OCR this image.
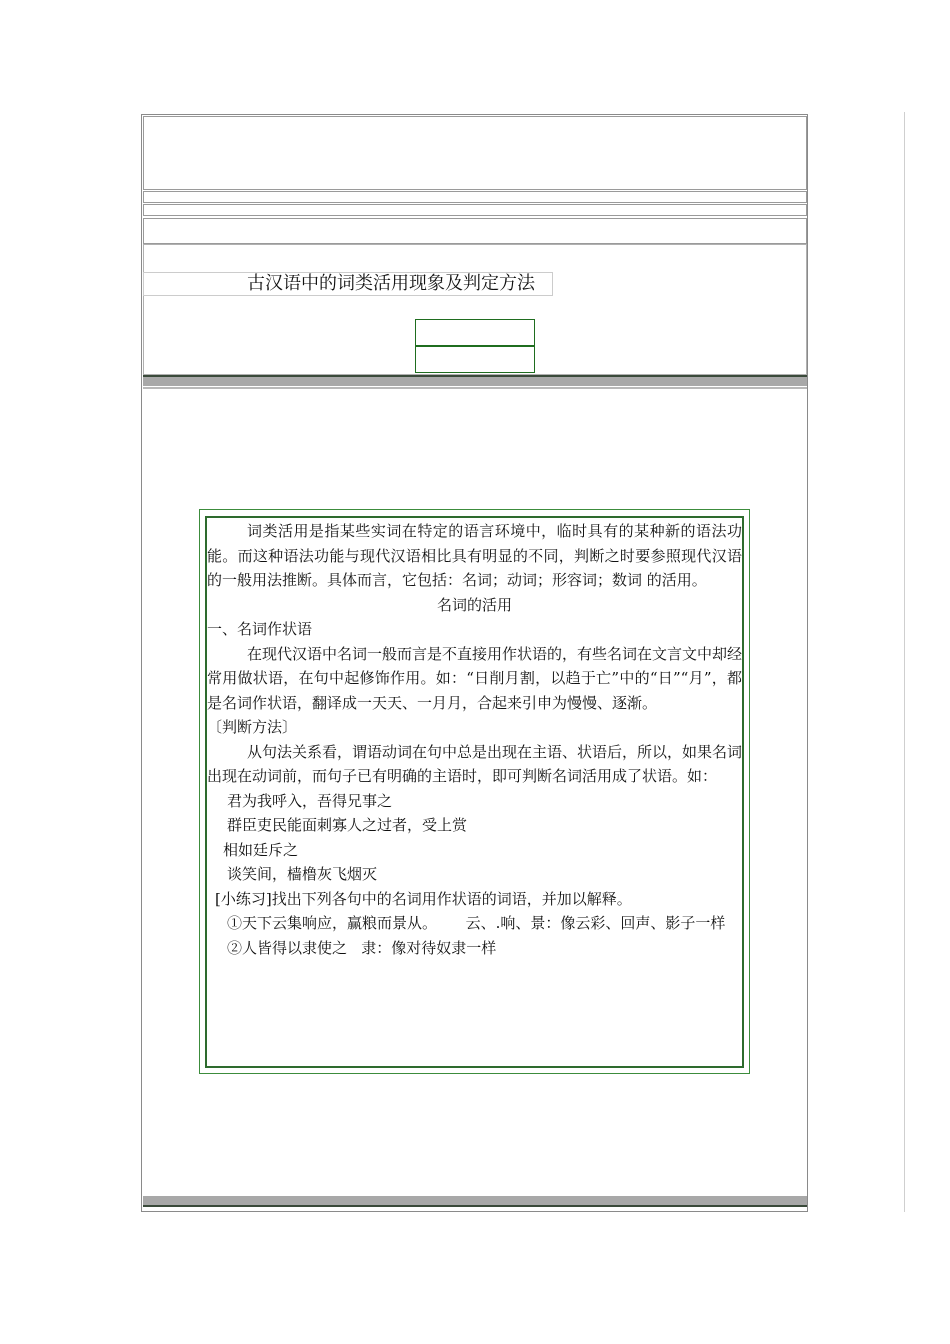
古汉语中的词类活用现象及判定方法

词类活用是指某些实词在特定的语言环境中，临时具有的某种新的语法功能。而这种语法功能与现代汉语相比具有明显的不同，判断之时要参照现代汉语的一般用法推断。具体而言，它包括：名词；动词；形容词；数词 的活用。

名词的活用

一、名词作状语

在现代汉语中名词一般而言是不直接用作状语的，有些名词在文言文中却经常用做状语，在句中起修饰作用。如：“日削月割，以趋于亡”中的“日”“月”，都是名词作状语，翻译成一天天、一月月，合起来引申为慢慢、逐渐。

〔判断方法〕

从句法关系看，谓语动词在句中总是出现在主语、状语后，所以，如果名词出现在动词前，而句子已有明确的主语时，即可判断名词活用成了状语。如：

君为我呼入，吾得兄事之

群臣吏民能面刺寡人之过者，受上赏

相如廷斥之

谈笑间，樯橹灰飞烟灭

[小练习]找出下列各句中的名词用作状语的词语，并加以解释。

①天下云集响应，赢粮而景从。      云、.响、景：像云彩、回声、影子一样

②人皆得以隶使之   隶：像对待奴隶一样
